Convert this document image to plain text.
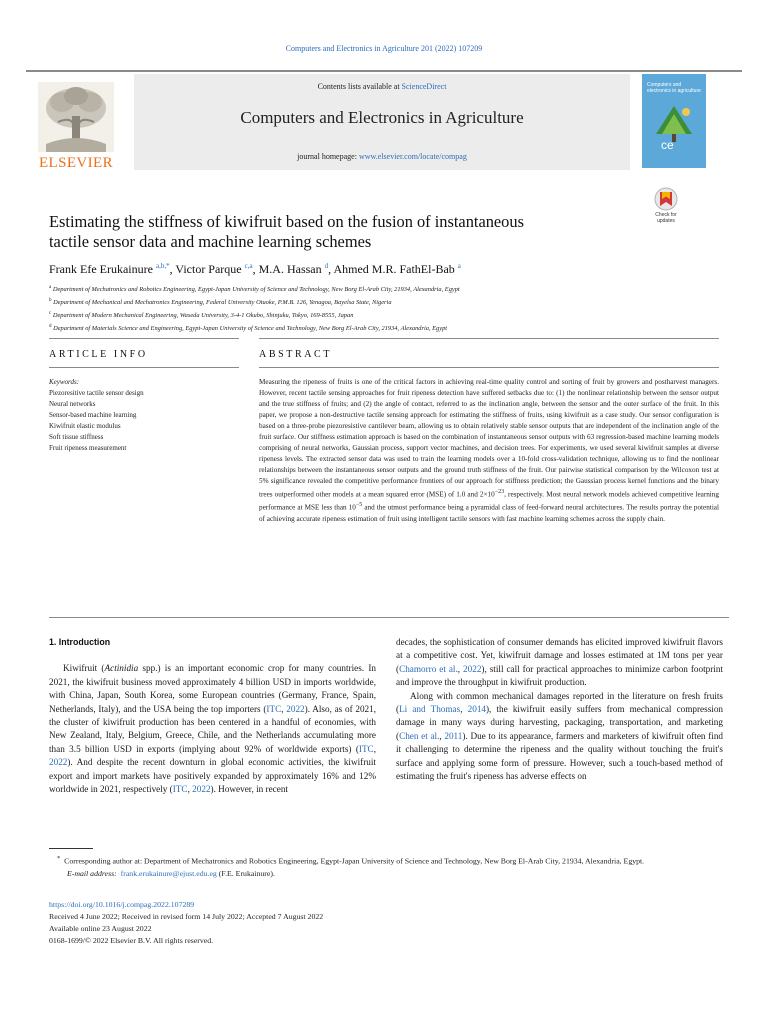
Computers and Electronics in Agriculture 201 (2022) 107209
ELSEVIER
Contents lists available at ScienceDirect
Computers and Electronics in Agriculture
journal homepage: www.elsevier.com/locate/compag
Computers and electronics in agriculture
ce
Check for
updates
Estimating the stiffness of kiwifruit based on the fusion of instantaneous
tactile sensor data and machine learning schemes
Frank Efe Erukainure $^{a,b,*}$, Victor Parque $^{c,a}$, M.A. Hassan $^d$, Ahmed M.R. FathEl-Bab $^a$
$^a$ Department of Mechatronics and Robotics Engineering, Egypt-Japan University of Science and Technology, New Borg El-Arab City, 21934, Alexandria, Egypt
$^b$ Department of Mechanical and Mechatronics Engineering, Federal University Otuoke, P.M.B. 126, Yenagoa, Bayelsa State, Nigeria
$^c$ Department of Modern Mechanical Engineering, Waseda University, 3-4-1 Okubo, Shinjuku, Tokyo, 169-8555, Japan
$^d$ Department of Materials Science and Engineering, Egypt-Japan University of Science and Technology, New Borg El-Arab City, 21934, Alexandria, Egypt
ARTICLE INFO	ABSTRACT
Keywords:
Piezoresitive tactile sensor design
Neural networks
Sensor-based machine learning
Kiwifruit elastic modulus
Soft tissue stiffness
Fruit ripeness measurement
Measuring the ripeness of fruits is one of the critical factors in achieving real-time quality control and sorting of fruit by growers and postharvest managers. However, recent tactile sensing approaches for fruit ripeness detection have suffered setbacks due to: (1) the nonlinear relationship between the sensor output and the true stiffness of fruits; and (2) the angle of contact, referred to as the inclination angle, between the sensor and the outer surface of the fruit. In this paper, we propose a non-destructive tactile sensing approach for estimating the stiffness of fruits, using kiwifruit as a case study. Our sensor configuration is based on a three-probe piezoresistive cantilever beam, allowing us to obtain relatively stable sensor outputs that are independent of the inclination angle of the fruit surface. Our stiffness estimation approach is based on the combination of instantaneous sensor outputs with 63 regression-based machine learning models comprising of neural networks, Gaussian process, support vector machines, and decision trees. For experiments, we used several kiwifruit samples at diverse ripeness levels. The extracted sensor data was used to train the learning models over a 10-fold cross-validation technique, allowing us to find the nonlinear relationships between the instantaneous sensor outputs and the ground truth stiffness of the fruit. Our pairwise statistical comparison by the Wilcoxon test at 5% significance revealed the competitive performance frontiers of our approach for stiffness prediction; the Gaussian process kernel functions and the binary trees outperformed other models at a mean squared error (MSE) of 1.0 and $2\times 10^{-23}$, respectively. Most neural network models achieved competitive learning performance at MSE less than $10^{-5}$ and the utmost performance being a pyramidal class of feed-forward neural architectures. The results portray the potential of achieving accurate ripeness estimation of fruit using intelligent tactile sensors with fast machine learning schemes across the supply chain.
1. Introduction

Kiwifruit (Actinidia spp.) is an important economic crop for many countries. In 2021, the kiwifruit business moved approximately 4 billion USD in imports worldwide, with China, Japan, South Korea, some European countries (Germany, France, Spain, Netherlands, Italy), and the USA being the top importers (ITC, 2022). Also, as of 2021, the cluster of kiwifruit production has been centered in a handful of economies, with New Zealand, Italy, Belgium, Greece, Chile, and the Netherlands accumulating more than 3.5 billion USD in exports (implying about 92% of worldwide exports) (ITC, 2022). And despite the recent downturn in global economic activities, the kiwifruit export and import markets have positively expanded by approximately 16% and 12% worldwide in 2021, respectively (ITC, 2022). However, in recent

decades, the sophistication of consumer demands has elicited improved kiwifruit flavors at a competitive cost. Yet, kiwifruit damage and losses estimated at 1M tons per year (Chamorro et al., 2022), still call for practical approaches to minimize carbon footprint and improve the throughput in kiwifruit production.

Along with common mechanical damages reported in the literature on fresh fruits (Li and Thomas, 2014), the kiwifruit easily suffers from mechanical compression damage in many ways during harvesting, packaging, transportation, and marketing (Chen et al., 2011). Due to its appearance, farmers and marketers of kiwifruit often find it challenging to determine the ripeness and the quality without touching the fruit's surface and applying some form of pressure. However, such a touch-based method of estimating the fruit's ripeness has adverse effects on

* Corresponding author at: Department of Mechatronics and Robotics Engineering, Egypt-Japan University of Science and Technology, New Borg El-Arab City, 21934, Alexandria, Egypt.
E-mail address: frank.erukainure@ejust.edu.eg (F.E. Erukainure).
https://doi.org/10.1016/j.compag.2022.107289
Received 4 June 2022; Received in revised form 14 July 2022; Accepted 7 August 2022
Available online 23 August 2022
0168-1699/© 2022 Elsevier B.V. All rights reserved.
